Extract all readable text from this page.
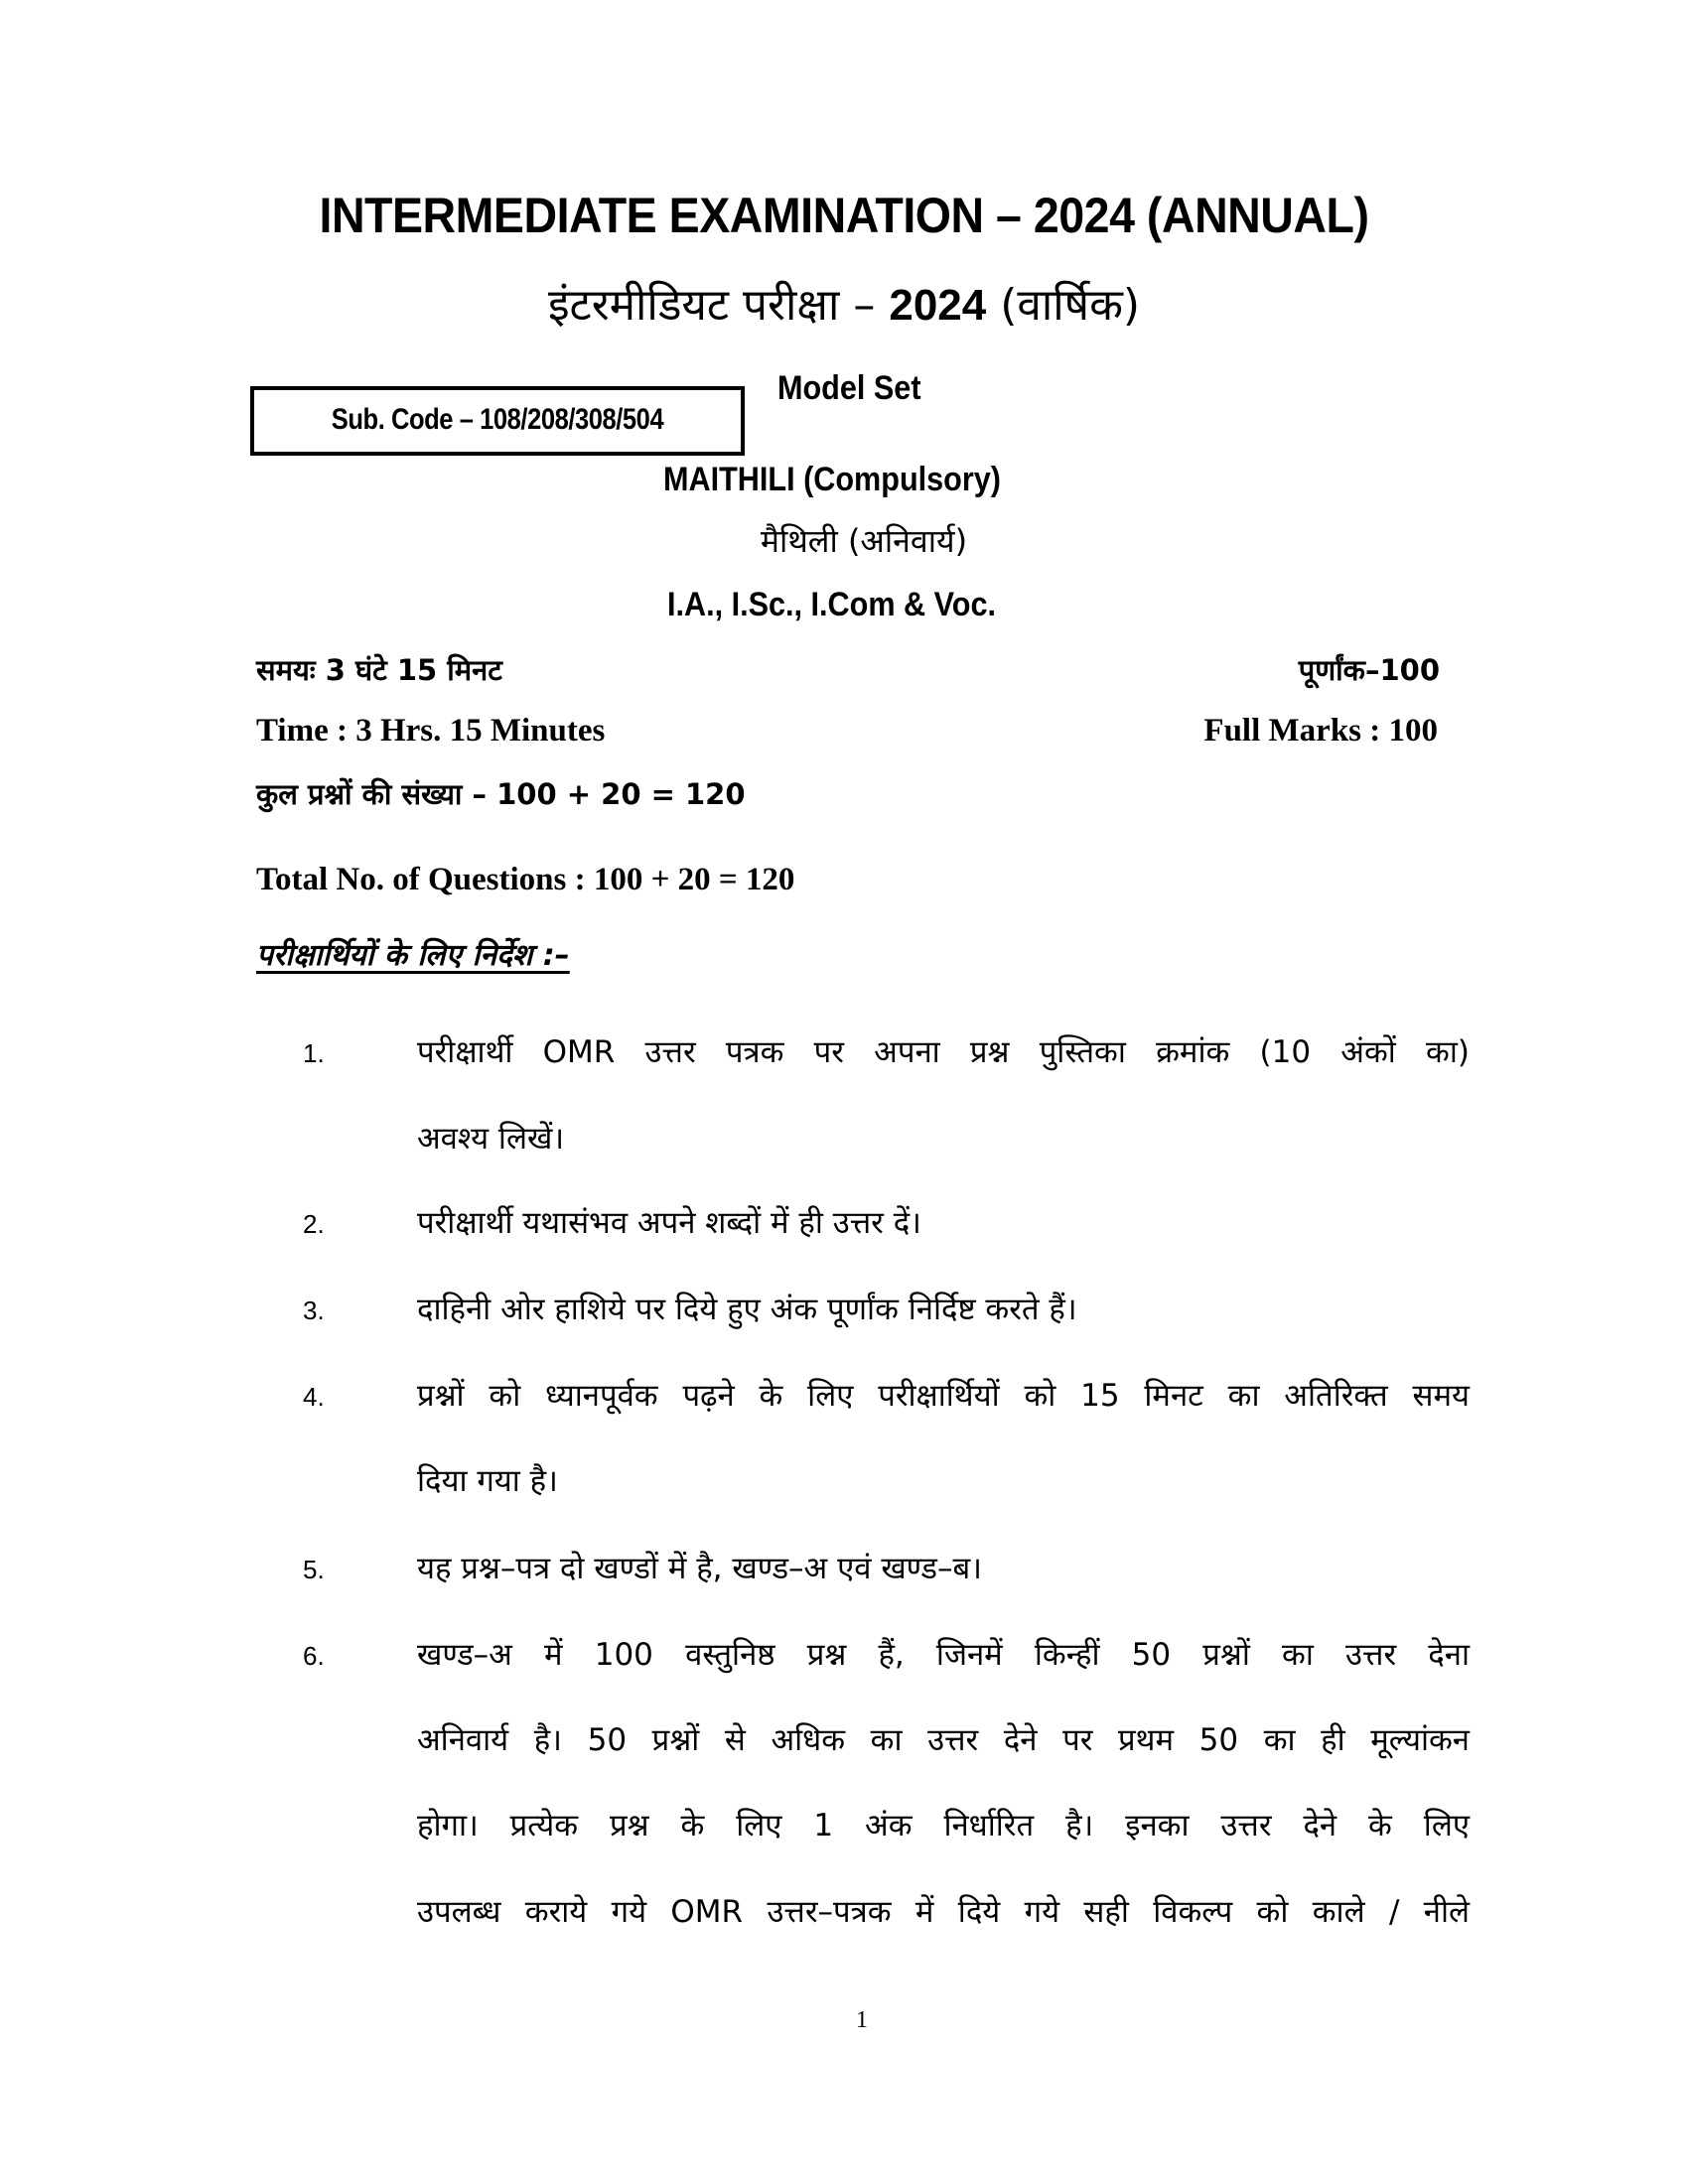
INTERMEDIATE EXAMINATION – 2024 (ANNUAL)
इंटरमीडियट परीक्षा – 2024 (वार्षिक)
Sub. Code – 108/208/308/504
Model Set
MAITHILI (Compulsory)
मैथिली (अनिवार्य)
I.A., I.Sc., I.Com & Voc.
समयः 3 घंटे 15 मिनट	पूर्णांक–100
Time : 3 Hrs. 15 Minutes	Full Marks : 100
कुल प्रश्नों की संख्या – 100 + 20 = 120
Total No. of Questions : 100 + 20 = 120
परीक्षार्थियों के लिए निर्देश :–
1.	परीक्षार्थी OMR उत्तर पत्रक पर अपना प्रश्न पुस्तिका क्रमांक (10 अंकों का)
अवश्य लिखें।
2.	परीक्षार्थी यथासंभव अपने शब्दों में ही उत्तर दें।
3.	दाहिनी ओर हाशिये पर दिये हुए अंक पूर्णांक निर्दिष्ट करते हैं।
4.	प्रश्नों को ध्यानपूर्वक पढ़ने के लिए परीक्षार्थियों को 15 मिनट का अतिरिक्त समय
दिया गया है।
5.	यह प्रश्न–पत्र दो खण्डों में है, खण्ड–अ एवं खण्ड–ब।
6.	खण्ड–अ में 100 वस्तुनिष्ठ प्रश्न हैं, जिनमें किन्हीं 50 प्रश्नों का उत्तर देना
अनिवार्य है। 50 प्रश्नों से अधिक का उत्तर देने पर प्रथम 50 का ही मूल्यांकन
होगा। प्रत्येक प्रश्न के लिए 1 अंक निर्धारित है। इनका उत्तर देने के लिए
उपलब्ध कराये गये OMR उत्तर–पत्रक में दिये गये सही विकल्प को काले / नीले
1
